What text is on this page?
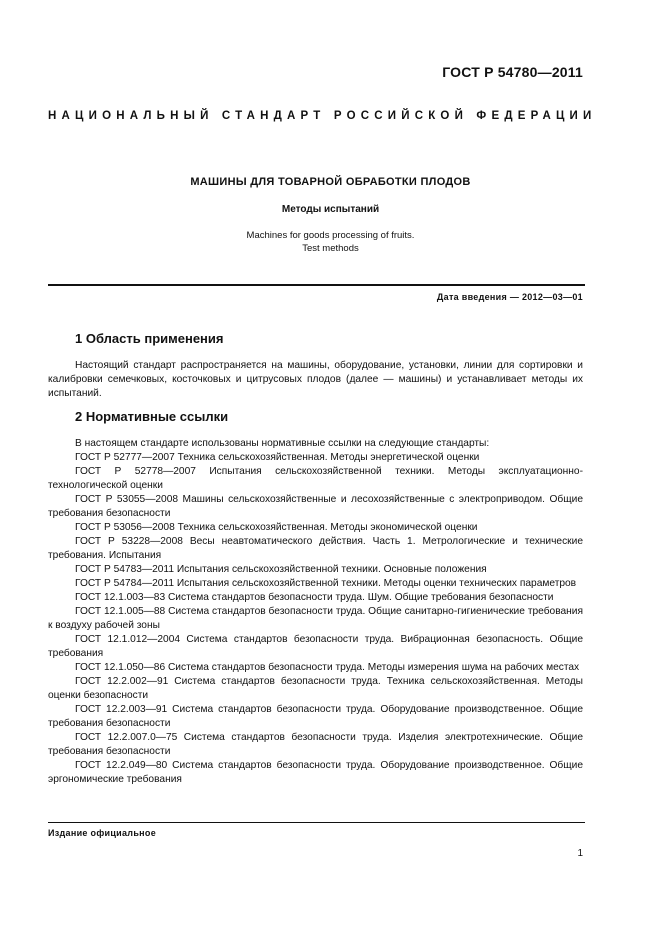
ГОСТ Р 54780—2011
НАЦИОНАЛЬНЫЙ СТАНДАРТ РОССИЙСКОЙ ФЕДЕРАЦИИ
МАШИНЫ ДЛЯ ТОВАРНОЙ ОБРАБОТКИ ПЛОДОВ
Методы испытаний
Machines for goods processing of fruits.
Test methods
Дата введения — 2012—03—01
1 Область применения

Настоящий стандарт распространяется на машины, оборудование, установки, линии для сортировки и калибровки семечковых, косточковых и цитрусовых плодов (далее — машины) и устанавливает методы их испытаний.

2 Нормативные ссылки

В настоящем стандарте использованы нормативные ссылки на следующие стандарты:

ГОСТ Р 52777—2007 Техника сельскохозяйственная. Методы энергетической оценки

ГОСТ Р 52778—2007 Испытания сельскохозяйственной техники. Методы эксплуатационно-технологической оценки

ГОСТ Р 53055—2008 Машины сельскохозяйственные и лесохозяйственные с электроприводом. Общие требования безопасности

ГОСТ Р 53056—2008 Техника сельскохозяйственная. Методы экономической оценки

ГОСТ Р 53228—2008 Весы неавтоматического действия. Часть 1. Метрологические и технические требования. Испытания

ГОСТ Р 54783—2011 Испытания сельскохозяйственной техники. Основные положения

ГОСТ Р 54784—2011 Испытания сельскохозяйственной техники. Методы оценки технических параметров

ГОСТ 12.1.003—83 Система стандартов безопасности труда. Шум. Общие требования безопасности

ГОСТ 12.1.005—88 Система стандартов безопасности труда. Общие санитарно-гигиенические требования к воздуху рабочей зоны

ГОСТ 12.1.012—2004 Система стандартов безопасности труда. Вибрационная безопасность. Общие требования

ГОСТ 12.1.050—86 Система стандартов безопасности труда. Методы измерения шума на рабочих местах

ГОСТ 12.2.002—91 Система стандартов безопасности труда. Техника сельскохозяйственная. Методы оценки безопасности

ГОСТ 12.2.003—91 Система стандартов безопасности труда. Оборудование производственное. Общие требования безопасности

ГОСТ 12.2.007.0—75 Система стандартов безопасности труда. Изделия электротехнические. Общие требования безопасности

ГОСТ 12.2.049—80 Система стандартов безопасности труда. Оборудование производственное. Общие эргономические требования

Издание официальное
1
